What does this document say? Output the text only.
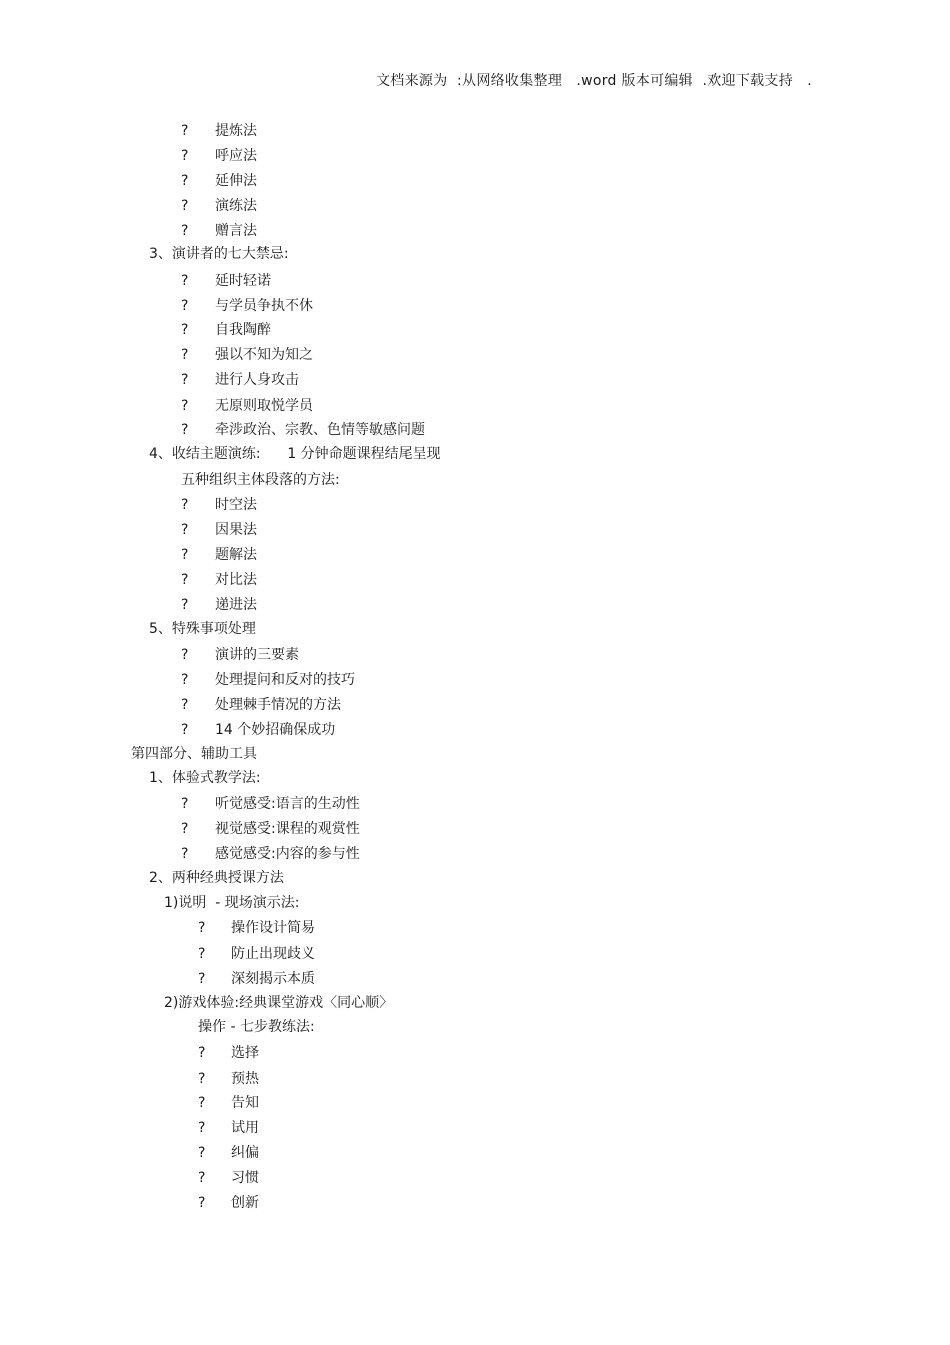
文档来源为  :从网络收集整理   .word 版本可编辑  .欢迎下载支持   .
?	提炼法
?	呼应法
?	延伸法
?	演练法
?	赠言法
3、演讲者的七大禁忌:
?	延时轻诺
?	与学员争执不休
?	自我陶醉
?	强以不知为知之
?	进行人身攻击
?	无原则取悦学员
?	牵涉政治、宗教、色情等敏感问题
4、收结主题演练:      1 分钟命题课程结尾呈现
五种组织主体段落的方法:
?	时空法
?	因果法
?	题解法
?	对比法
?	递进法
5、特殊事项处理
?	演讲的三要素
?	处理提问和反对的技巧
?	处理棘手情况的方法
?	14 个妙招确保成功
第四部分、辅助工具
1、体验式教学法:
?	听觉感受:语言的生动性
?	视觉感受:课程的观赏性
?	感觉感受:内容的参与性
2、两种经典授课方法
1)说明  - 现场演示法:
?	操作设计简易
?	防止出现歧义
?	深刻揭示本质
2)游戏体验:经典课堂游戏〈同心顺〉
操作 - 七步教练法:
?	选择
?	预热
?	告知
?	试用
?	纠偏
?	习惯
?	创新
